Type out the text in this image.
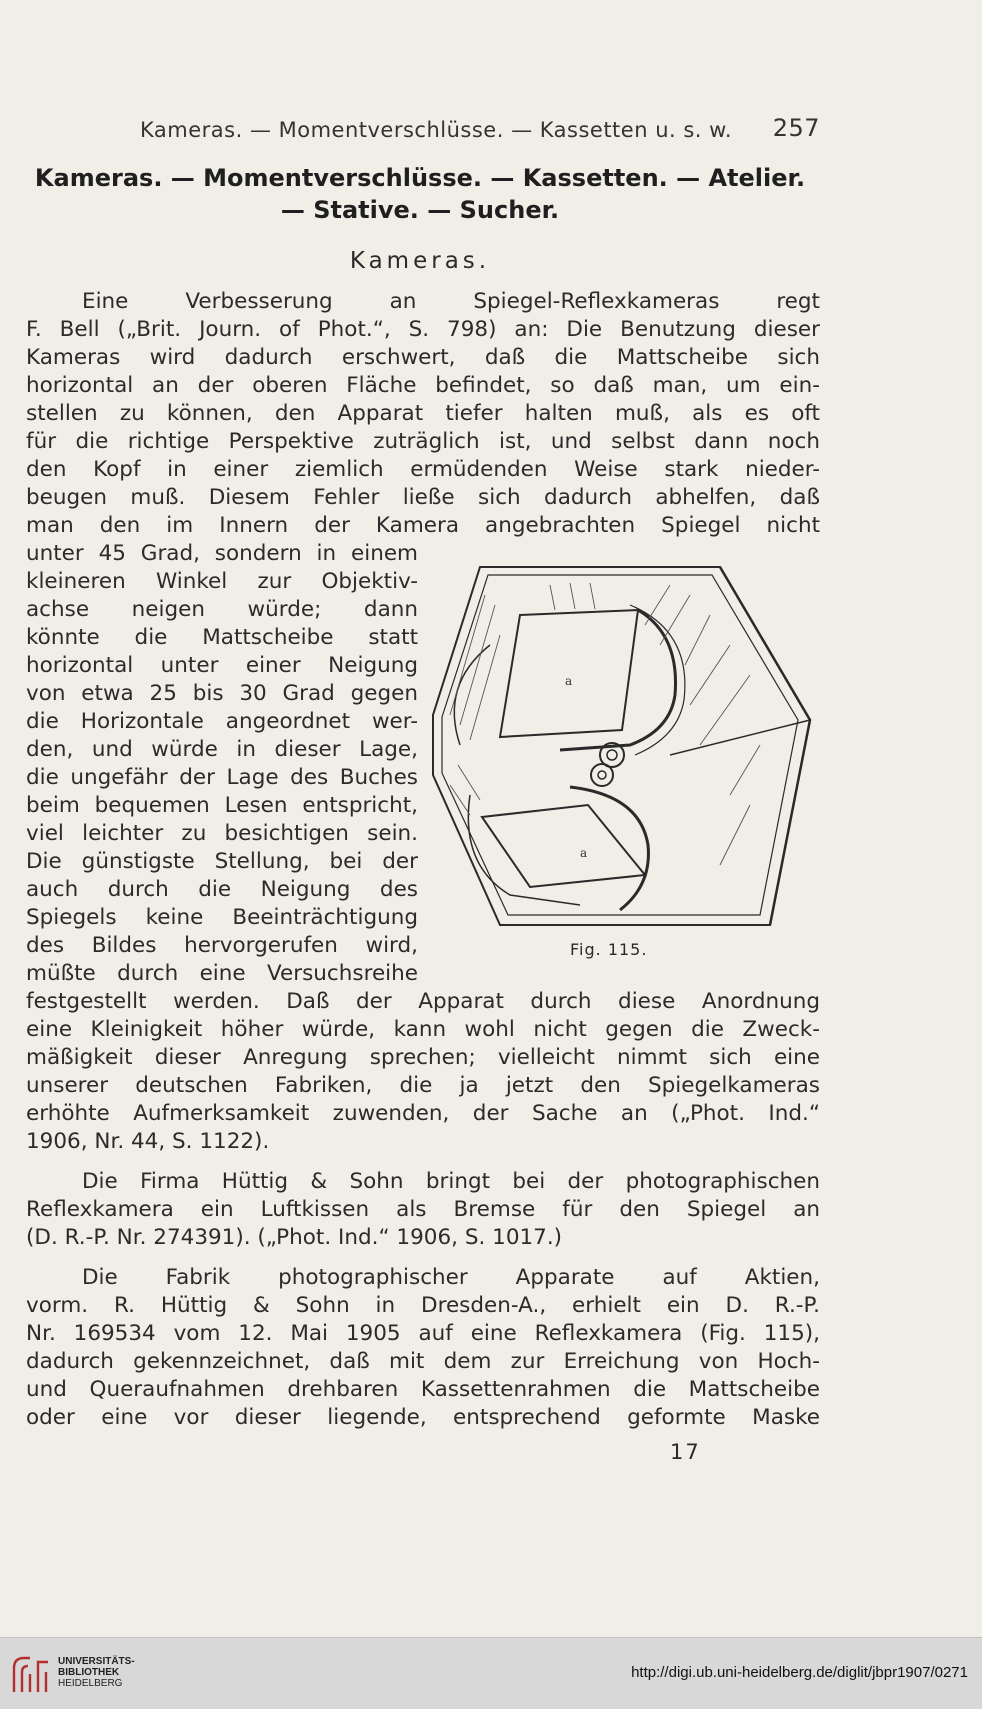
Kameras. — Momentverschlüsse. — Kassetten u. s. w. 257
Kameras. — Momentverschlüsse. — Kassetten. — Atelier.
— Stative. — Sucher.
Kameras.
Eine Verbesserung an Spiegel-Reflexkameras regt
F. Bell („Brit. Journ. of Phot.“, S. 798) an: Die Benutzung dieser
Kameras wird dadurch erschwert, daß die Mattscheibe sich
horizontal an der oberen Fläche befindet, so daß man, um ein-
stellen zu können, den Apparat tiefer halten muß, als es oft
für die richtige Perspektive zuträglich ist, und selbst dann noch
den Kopf in einer ziemlich ermüdenden Weise stark nieder-
beugen muß. Diesem Fehler ließe sich dadurch abhelfen, daß
man den im Innern der Kamera angebrachten Spiegel nicht
unter 45 Grad, sondern in einem
kleineren Winkel zur Objektiv-
achse neigen würde; dann
könnte die Mattscheibe statt
horizontal unter einer Neigung
von etwa 25 bis 30 Grad gegen
die Horizontale angeordnet wer-
den, und würde in dieser Lage,
die ungefähr der Lage des Buches
beim bequemen Lesen entspricht,
viel leichter zu besichtigen sein.
Die günstigste Stellung, bei der
auch durch die Neigung des
Spiegels keine Beeinträchtigung
des Bildes hervorgerufen wird,
müßte durch eine Versuchsreihe
festgestellt werden. Daß der Apparat durch diese Anordnung
eine Kleinigkeit höher würde, kann wohl nicht gegen die Zweck-
mäßigkeit dieser Anregung sprechen; vielleicht nimmt sich eine
unserer deutschen Fabriken, die ja jetzt den Spiegelkameras
erhöhte Aufmerksamkeit zuwenden, der Sache an („Phot. Ind.“
1906, Nr. 44, S. 1122).
Die Firma Hüttig & Sohn bringt bei der photographischen
Reflexkamera ein Luftkissen als Bremse für den Spiegel an
(D. R.-P. Nr. 274391). („Phot. Ind.“ 1906, S. 1017.)
Die Fabrik photographischer Apparate auf Aktien,
vorm. R. Hüttig & Sohn in Dresden-A., erhielt ein D. R.-P.
Nr. 169534 vom 12. Mai 1905 auf eine Reflexkamera (Fig. 115),
dadurch gekennzeichnet, daß mit dem zur Erreichung von Hoch-
und Queraufnahmen drehbaren Kassettenrahmen die Mattscheibe
oder eine vor dieser liegende, entsprechend geformte Maske
a
a
Fig. 115.
17
UNIVERSITÄTS-
BIBLIOTHEK
HEIDELBERG
http://digi.ub.uni-heidelberg.de/diglit/jbpr1907/0271
